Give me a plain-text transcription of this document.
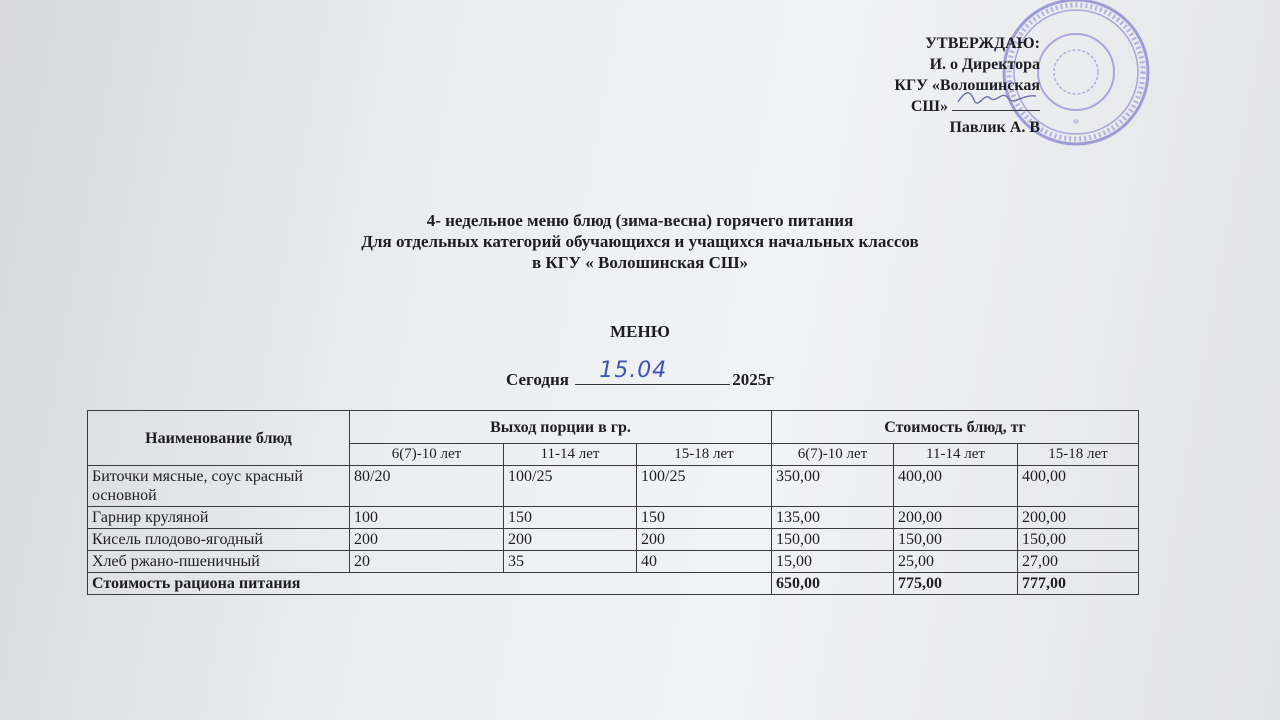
*
УТВЕРЖДАЮ:
И. о Директора
КГУ «Волошинская
СШ»
Павлик А. В
4- недельное меню блюд (зима-весна) горячего питания
Для отдельных категорий обучающихся и учащихся начальных классов
в КГУ « Волошинская СШ»
МЕНЮ
Сегодня 15.04	2025г
Наименование блюд	Выход порции в гр.			Стоимость блюд, тг		
	6(7)-10 лет	11-14 лет	15-18 лет	6(7)-10 лет	11-14 лет	15-18 лет
Биточки мясные, соус красный основной	80/20	100/25	100/25	350,00	400,00	400,00
Гарнир круляной	100	150	150	135,00	200,00	200,00
Кисель плодово-ягодный	200	200	200	150,00	150,00	150,00
Хлеб ржано-пшеничный	20	35	40	15,00	25,00	27,00
Стоимость рациона питания				650,00	775,00	777,00
